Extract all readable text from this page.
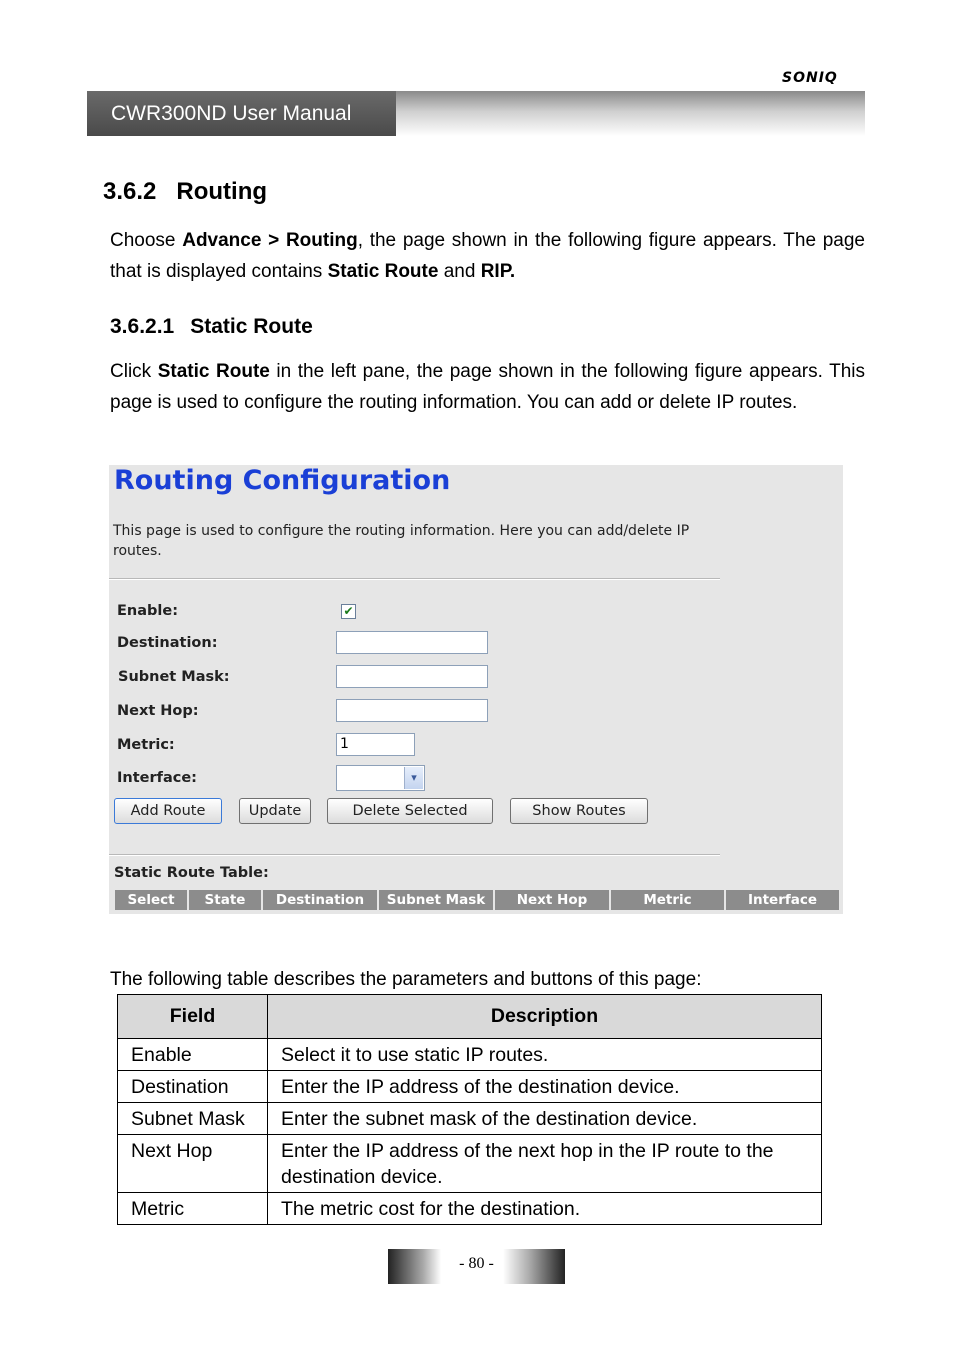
SONIQ
CWR300ND User Manual
3.6.2 Routing
Choose Advance > Routing, the page shown in the following figure appears. The page that is displayed contains Static Route and RIP.
3.6.2.1 Static Route
Click Static Route in the left pane, the page shown in the following figure appears. This page is used to configure the routing information. You can add or delete IP routes.
Routing Configuration
This page is used to configure the routing information. Here you can add/delete IP routes.
Enable:	✔
Destination:
Subnet Mask:
Next Hop:
Metric:	1
Interface:	▾
Add Route	Update	Delete Selected	Show Routes
Static Route Table:
Select	State	Destination	Subnet Mask	Next Hop	Metric	Interface
The following table describes the parameters and buttons of this page:
Field	Description
Enable	Select it to use static IP routes.
Destination	Enter the IP address of the destination device.
Subnet Mask	Enter the subnet mask of the destination device.
Next Hop	Enter the IP address of the next hop in the IP route to the destination device.
Metric	The metric cost for the destination.
- 80 -
